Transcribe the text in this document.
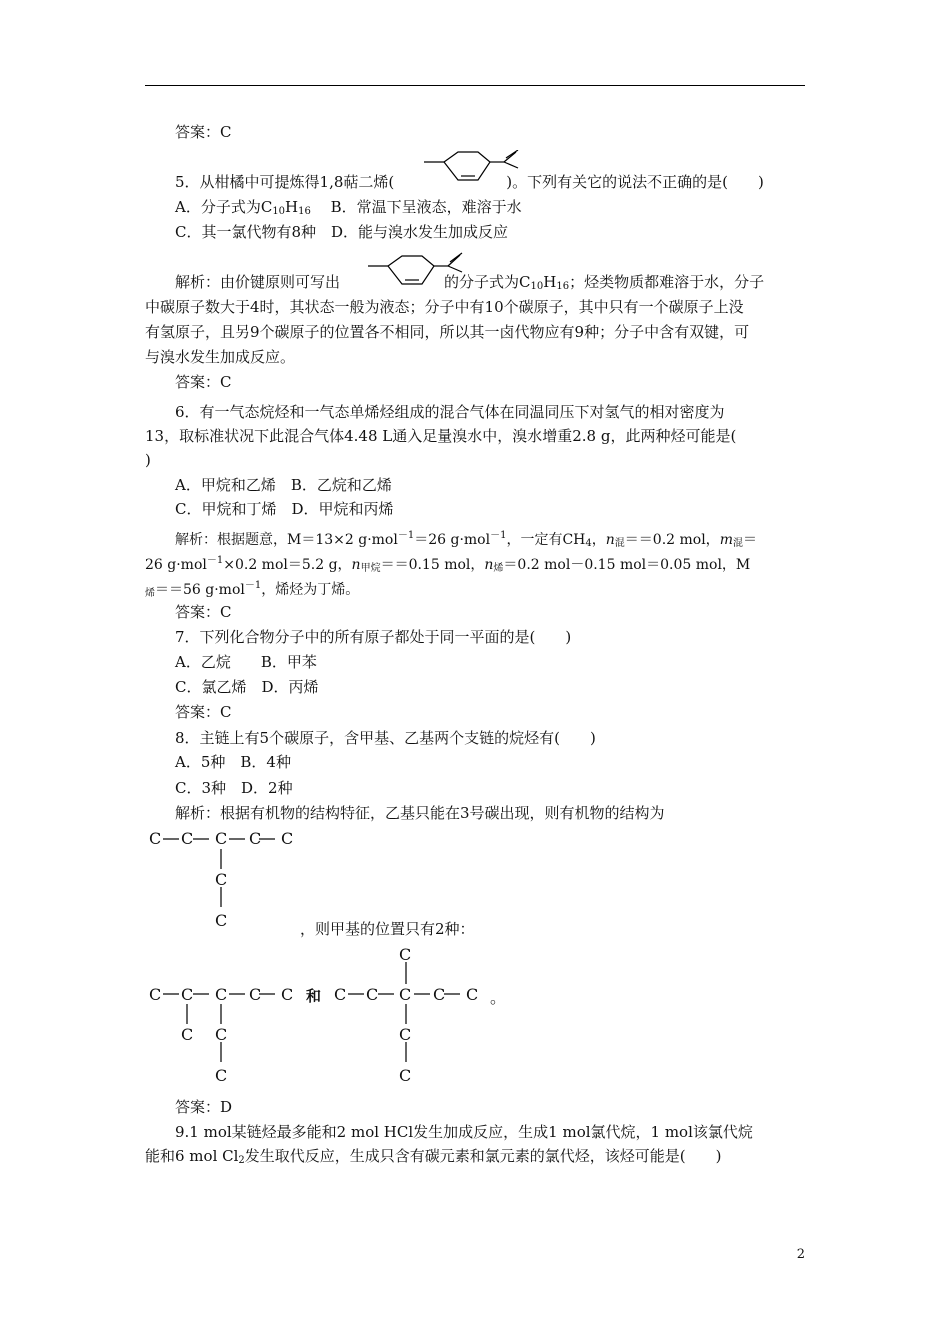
答案：C
5．从柑橘中可提炼得1,8萜二烯(	)。下列有关它的说法不正确的是(　　)
A．分子式为$C_{10}H_{16}$　 B．常温下呈液态，难溶于水
C．其一氯代物有8种　D．能与溴水发生加成反应
解析：由价键原则可写出	的分子式为$C_{10}H_{16}$；烃类物质都难溶于水，分子
中碳原子数大于4时，其状态一般为液态；分子中有10个碳原子，其中只有一个碳原子上没
有氢原子，且另9个碳原子的位置各不相同，所以其一卤代物应有9种；分子中含有双键，可
与溴水发生加成反应。
答案：C
6．有一气态烷烃和一气态单烯烃组成的混合气体在同温同压下对氢气的相对密度为
13，取标准状况下此混合气体4.48 L通入足量溴水中，溴水增重2.8 g，此两种烃可能是(
)
A．甲烷和乙烯　B．乙烷和乙烯
C．甲烷和丁烯　D．甲烷和丙烯
解析：根据题意，M＝13×2 g·mol$^{-1}$＝26 g·mol$^{-1}$，一定有$CH_4$，$n_混==0.2$ mol，$m_混=$
26 g·mol$^{-1}$×0.2 mol＝5.2 g，$n_{甲烷}==0.15$ mol，$n_烯=0.2$ mol－0.15 mol＝0.05 mol，M
$_烯$＝＝56 g·mol$^{-1}$，烯烃为丁烯。
答案：C
7．下列化合物分子中的所有原子都处于同一平面的是(　　)
A．乙烷　　B．甲苯
C．氯乙烯　D．丙烯
答案：C
8．主链上有5个碳原子，含甲基、乙基两个支链的烷烃有(　　)
A．5种　B．4种
C．3种　D．2种
解析：根据有机物的结构特征，乙基只能在3号碳出现，则有机物的结构为
C C C C C
C
C	，则甲基的位置只有2种：
C C C C C
C C
C
和
C
C C C C C
C
C
。
答案：D
9.1 mol某链烃最多能和2 mol HCl发生加成反应，生成1 mol氯代烷，1 mol该氯代烷
能和6 mol $Cl_2$发生取代反应，生成只含有碳元素和氯元素的氯代烃，该烃可能是(　　)
2
